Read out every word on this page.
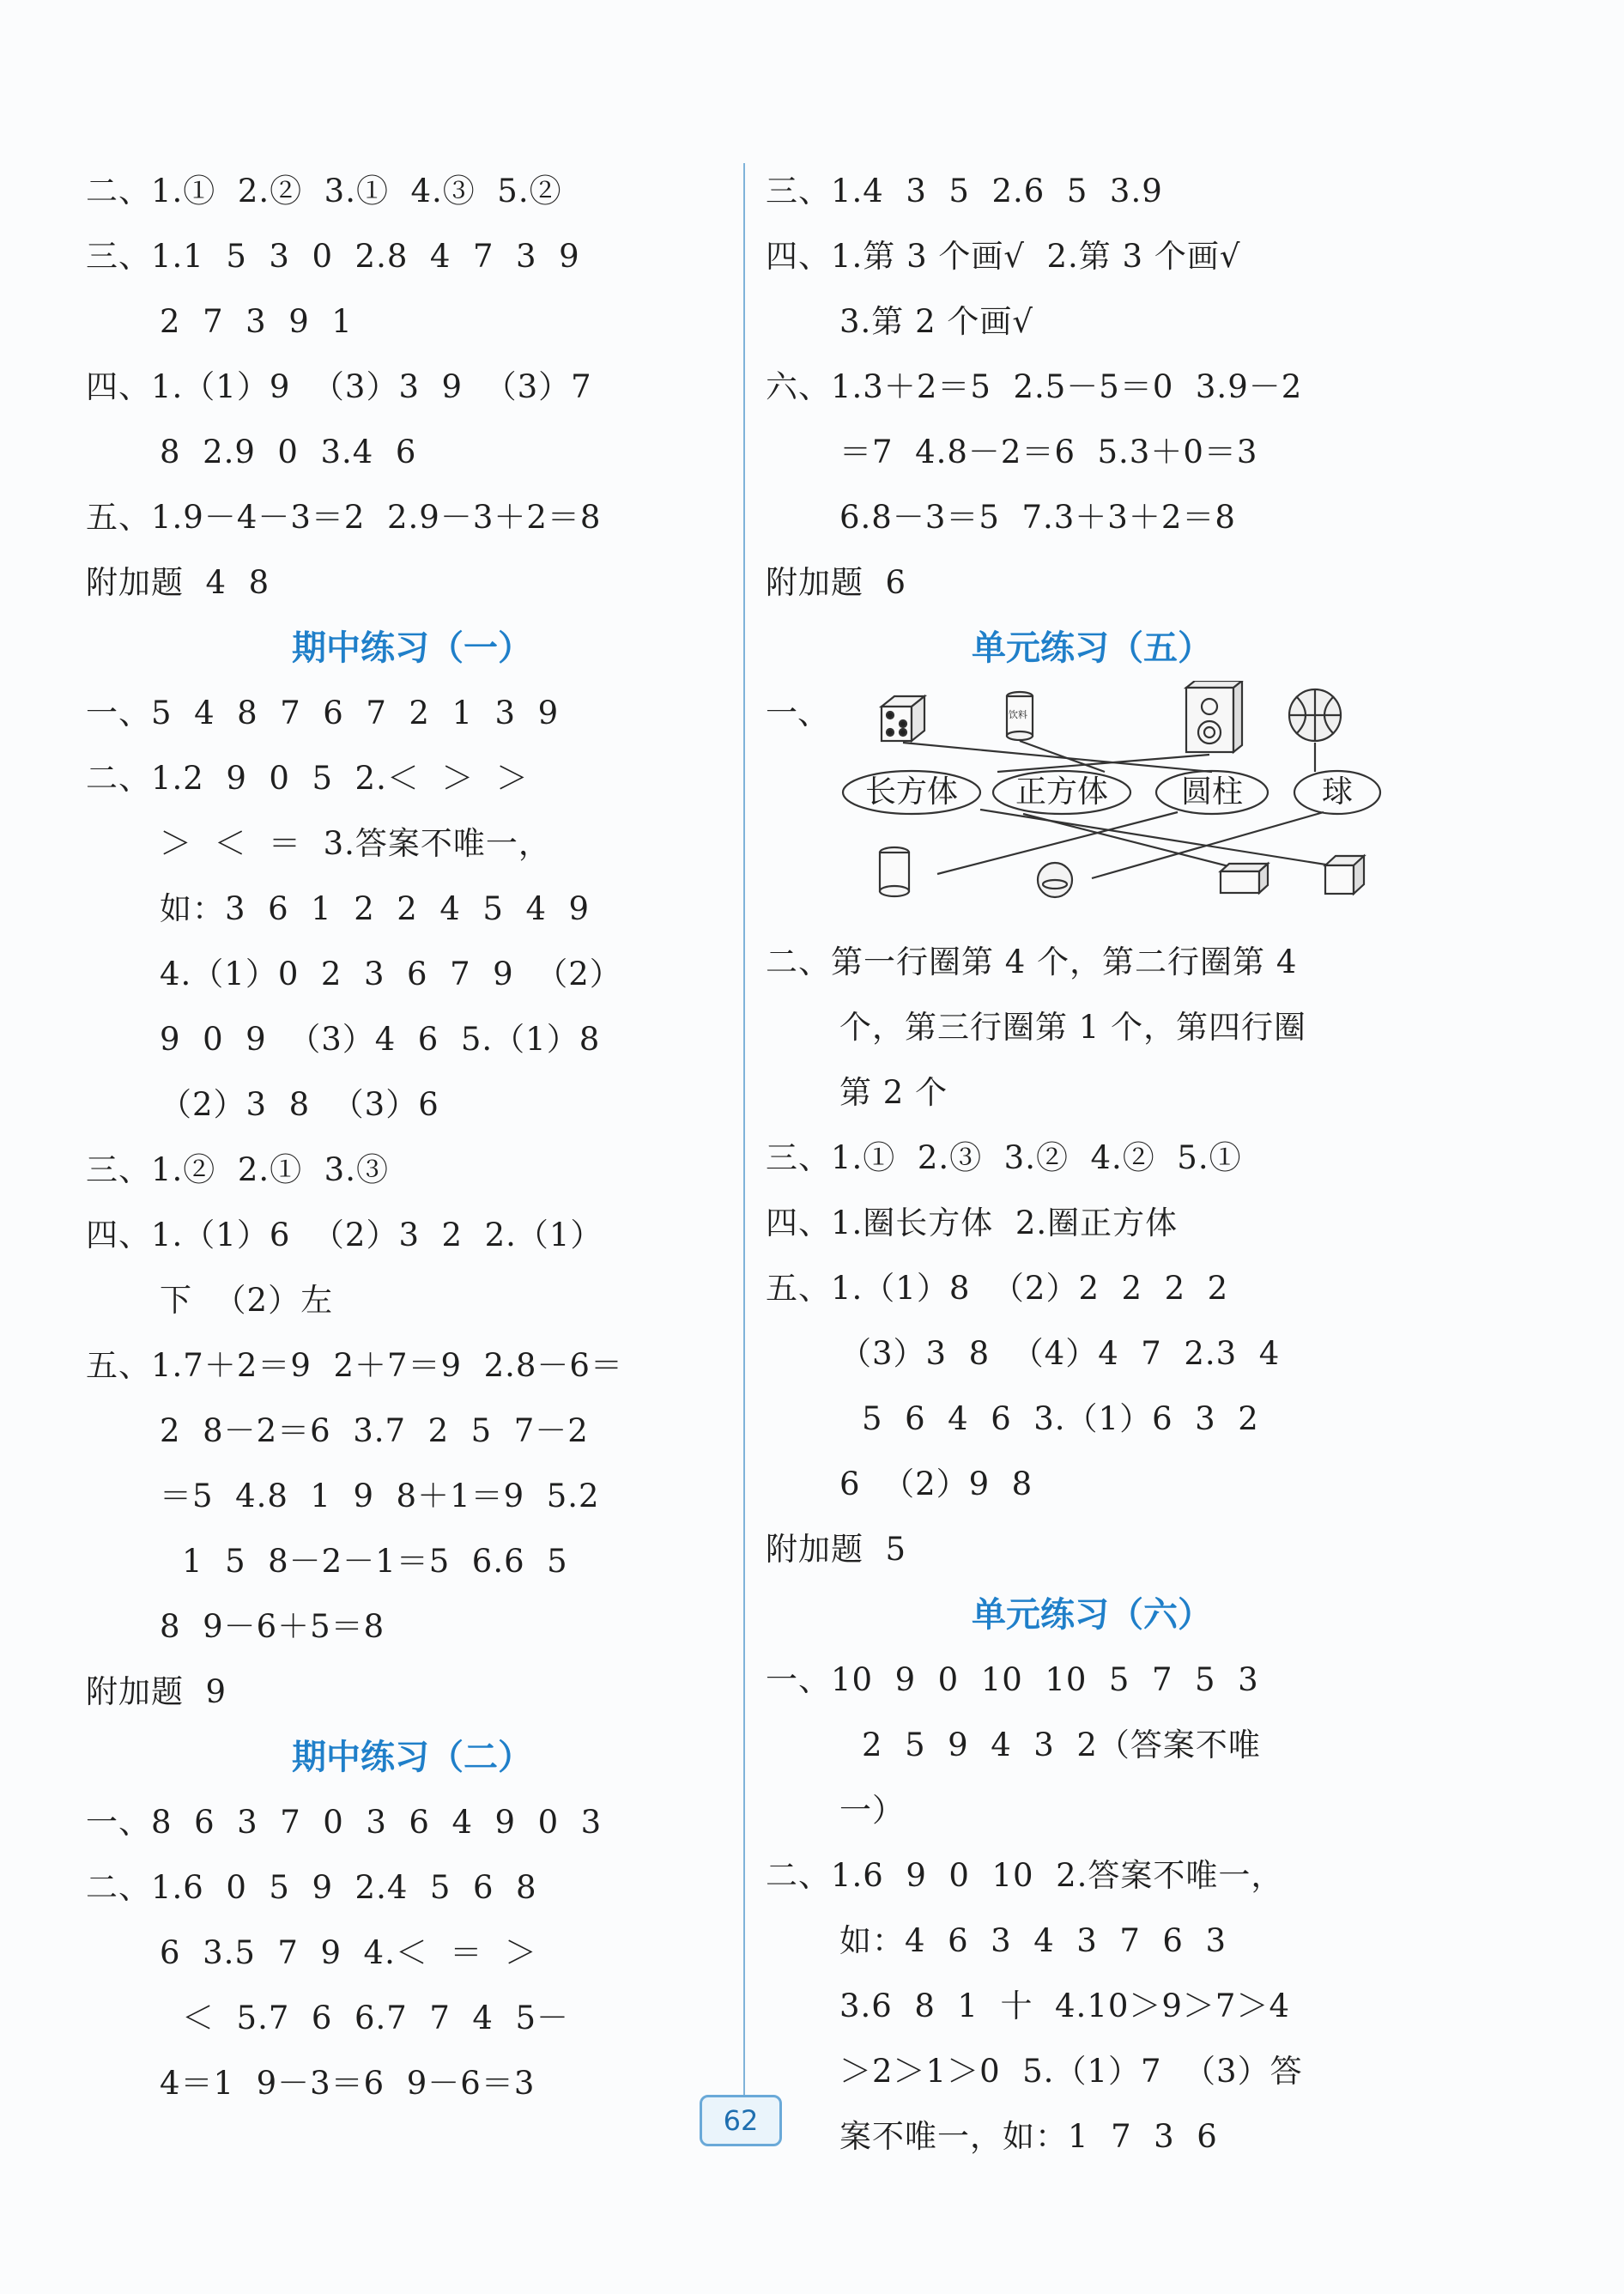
二、1.①  2.②  3.①  4.③  5.②
三、1.1  5  3  0  2.8  4  7  3  9
2  7  3  9  1
四、1.（1）9  （3）3  9  （3）7
8  2.9  0  3.4  6
五、1.9－4－3＝2  2.9－3＋2＝8
附加题  4  8
期中练习（一）
一、5  4  8  7  6  7  2  1  3  9
二、1.2  9  0  5  2.＜  ＞  ＞
＞  ＜  ＝  3.答案不唯一，
如：3  6  1  2  2  4  5  4  9
4.（1）0  2  3  6  7  9  （2）
9  0  9  （3）4  6  5.（1）8
（2）3  8  （3）6
三、1.②  2.①  3.③
四、1.（1）6  （2）3  2  2.（1）
下  （2）左
五、1.7＋2＝9  2＋7＝9  2.8－6＝
2  8－2＝6  3.7  2  5  7－2
＝5  4.8  1  9  8＋1＝9  5.2
1  5  8－2－1＝5  6.6  5
8  9－6＋5＝8
附加题  9
期中练习（二）
一、8  6  3  7  0  3  6  4  9  0  3
二、1.6  0  5  9  2.4  5  6  8
6  3.5  7  9  4.＜  ＝  ＞
＜  5.7  6  6.7  7  4  5－
4＝1  9－3＝6  9－6＝3
三、1.4  3  5  2.6  5  3.9
四、1.第 3 个画√  2.第 3 个画√
3.第 2 个画√
六、1.3＋2＝5  2.5－5＝0  3.9－2
＝7  4.8－2＝6  5.3＋0＝3
6.8－3＝5  7.3＋3＋2＝8
附加题  6
单元练习（五）
一、	饮料
长方体	正方体	圆柱	球
二、第一行圈第 4 个，第二行圈第 4
个，第三行圈第 1 个，第四行圈
第 2 个
三、1.①  2.③  3.②  4.②  5.①
四、1.圈长方体  2.圈正方体
五、1.（1）8  （2）2  2  2  2
（3）3  8  （4）4  7  2.3  4
5  6  4  6  3.（1）6  3  2
6  （2）9  8
附加题  5
单元练习（六）
一、10  9  0  10  10  5  7  5  3
2  5  9  4  3  2（答案不唯
一）
二、1.6  9  0  10  2.答案不唯一，
如：4  6  3  4  3  7  6  3
3.6  8  1  十  4.10＞9＞7＞4
＞2＞1＞0  5.（1）7  （3）答
案不唯一，如：1  7  3  6
62
